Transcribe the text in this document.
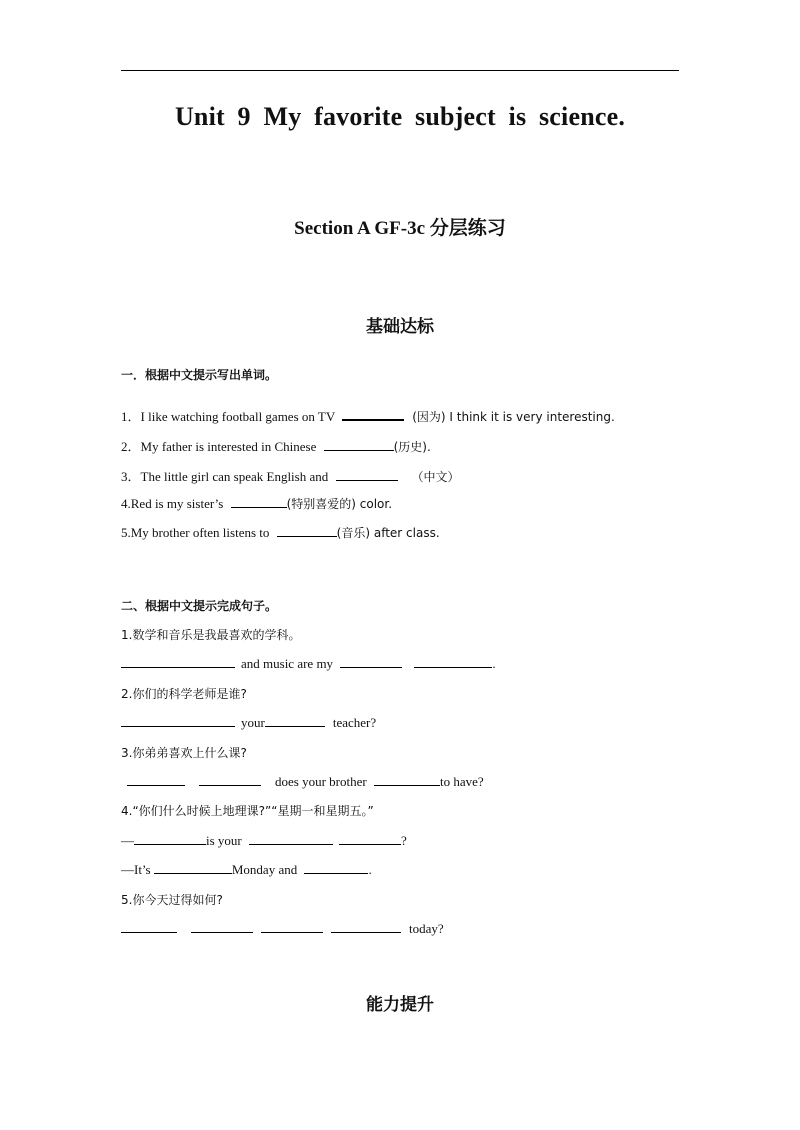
Unit 9 My favorite subject is science.
Section A GF-3c 分层练习
基础达标
一．根据中文提示写出单词。
1．I like watching football games on TV	(因为) I think it is very interesting.
2．My father is interested in Chinese	(历史).
3．The little girl can speak English and	（中文）
4.Red is my sister’s	(特别喜爱的) color.
5.My brother often listens to	(音乐) after class.
二、根据中文提示完成句子。
1.数学和音乐是我最喜欢的学科。
and music are my	.
2.你们的科学老师是谁?
your	teacher?
3.你弟弟喜欢上什么课?
does your brother	to have?
4.“你们什么时候上地理课?”“星期一和星期五。”
—	is your	?
—It’s	Monday and	.
5.你今天过得如何?
today?
能力提升
